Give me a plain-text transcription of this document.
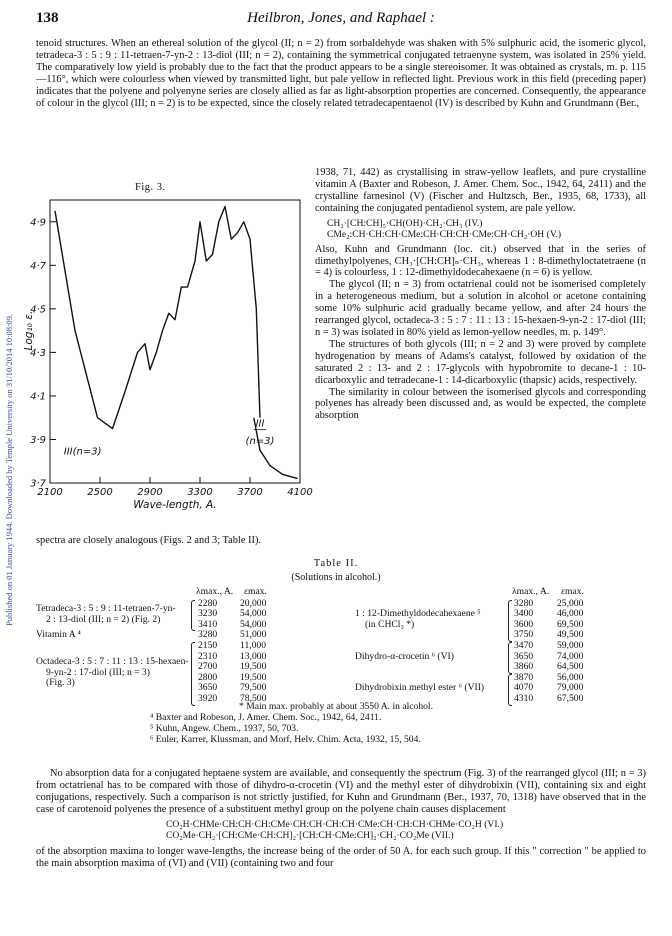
Published on 01 January 1944. Downloaded by Temple University on 31/10/2014 10:08:09.
138	Heilbron, Jones, and Raphael :

tenoid structures. When an ethereal solution of the glycol (II; n = 2) from sorbaldehyde was shaken with 5% sulphuric acid, the isomeric glycol, tetradeca-3 : 5 : 9 : 11-tetraen-7-yn-2 : 13-diol (III; n = 2), containing the symmetrical conjugated tetraenyne system, was isolated in 25% yield. The comparatively low yield is probably due to the fact that the product appears to be a single stereoisomer. It was obtained as crystals, m. p. 115—116°, which were colourless when viewed by transmitted light, but pale yellow in reflected light. Previous work in this field (preceding paper) indicates that the polyene and polyenyne series are closely allied as far as light-absorption properties are concerned. Consequently, the appearance of colour in the glycol (III; n = 2) is to be expected, since the closely related tetradecapentaenol (IV) is described by Kuhn and Grundmann (Ber.,

4·9
4·7
4·5
4·3
4·1
3·9
3·7
2100 2500 2900 3300 3700 4100
Wave-length, A.
Log₁₀ ε.
III
(n=3)
III(n=3)
Fig. 3.

1938, 71, 442) as crystallising in straw-yellow leaflets, and pure crystalline vitamin A (Baxter and Robeson, J. Amer. Chem. Soc., 1942, 64, 2411) and the crystalline farnesinol (V) (Fischer and Hultzsch, Ber., 1935, 68, 1733), all containing the conjugated pentadienol system, are pale yellow.

CH₃·[CH:CH]₅·CH(OH)·CH₂·CH₃ (IV.)
CMe₂:CH·CH:CH·CMe:CH·CH:CH·CMe:CH·CH₂·OH (V.)

Also, Kuhn and Grundmann (loc. cit.) observed that in the series of dimethylpolyenes, CH₃·[CH:CH]ₙ·CH₃, whereas 1 : 8-dimethyloctatetraene (n = 4) is colourless, 1 : 12-dimethyldodecahexaene (n = 6) is yellow.

The glycol (II; n = 3) from octatrienal could not be isomerised completely in a heterogeneous medium, but a solution in alcohol or acetone containing some 10% sulphuric acid gradually became yellow, and after 24 hours the rearranged glycol, octadeca-3 : 5 : 7 : 11 : 13 : 15-hexaen-9-yn-2 : 17-diol (III; n = 3) was isolated in 80% yield as lemon-yellow needles, m. p. 149°.

The structures of both glycols (III; n = 2 and 3) were proved by complete hydrogenation by means of Adams's catalyst, followed by oxidation of the saturated 2 : 13- and 2 : 17-glycols with hypobromite to decane-1 : 10-dicarboxylic and tetradecane-1 : 14-dicarboxylic (thapsic) acids, respectively.

The similarity in colour between the isomerised glycols and corresponding polyenes has already been discussed and, as would be expected, the complete absorption

spectra are closely analogous (Figs. 2 and 3; Table II).

Table II.
(Solutions in alcohol.)
λmax., A. εmax.
Tetradeca-3 : 5 : 9 : 11-tetraen-7-yn-
2 : 13-diol (III; n = 2) (Fig. 2)
2280
3230
3410
20,000
54,000
54,000
Vitamin A ⁴	3280 51,000
Octadeca-3 : 5 : 7 : 11 : 13 : 15-hexaen-
9-yn-2 : 17-diol (III; n = 3)
(Fig. 3)
2150
2310
2700
2800
3650
3920
11,000
13,000
19,500
19,500
79,500
78,500
λmax., A. εmax.
1 : 12-Dimethyldodecahexaene ⁵
(in CHCl₃ *)
3280
3400
3600
3750
25,000
46,000
69,500
49,500
Dihydro-α-crocetin ⁶ (VI)
3470
3650
3860
59,000
74,000
64,500
Dihydrobixin methyl ester ⁶ (VII)
3870
4070
4310
56,000
79,000
67,500
* Main max. probably at about 3550 A. in alcohol.
⁴ Baxter and Robeson, J. Amer. Chem. Soc., 1942, 64, 2411.
⁵ Kuhn, Angew. Chem., 1937, 50, 703.
⁶ Euler, Karrer, Klussman, and Morf, Helv. Chim. Acta, 1932, 15, 504.

No absorption data for a conjugated heptaene system are available, and consequently the spectrum (Fig. 3) of the rearranged glycol (III; n = 3) from octatrienal has to be compared with those of dihydro-α-crocetin (VI) and the methyl ester of dihydrobixin (VII), containing six and eight conjugations, respectively. Such a comparison is not strictly justified, for Kuhn and Grundmann (Ber., 1937, 70, 1318) have observed that in the case of carotenoid polyenes the presence of a substituent methyl group on the polyene chain causes displacement

CO₂H·CHMe·CH:CH·CH:CMe·CH:CH·CH:CH·CMe:CH·CH:CH·CHMe·CO₂H (VI.)
CO₂Me·CH₂·[CH:CMe·CH:CH]₂·[CH:CH·CMe:CH]₂·CH₂·CO₂Me (VII.)

of the absorption maxima to longer wave-lengths, the increase being of the order of 50 A. for each such group. If this " correction " be applied to the main absorption maxima of (VI) and (VII) (containing two and four
